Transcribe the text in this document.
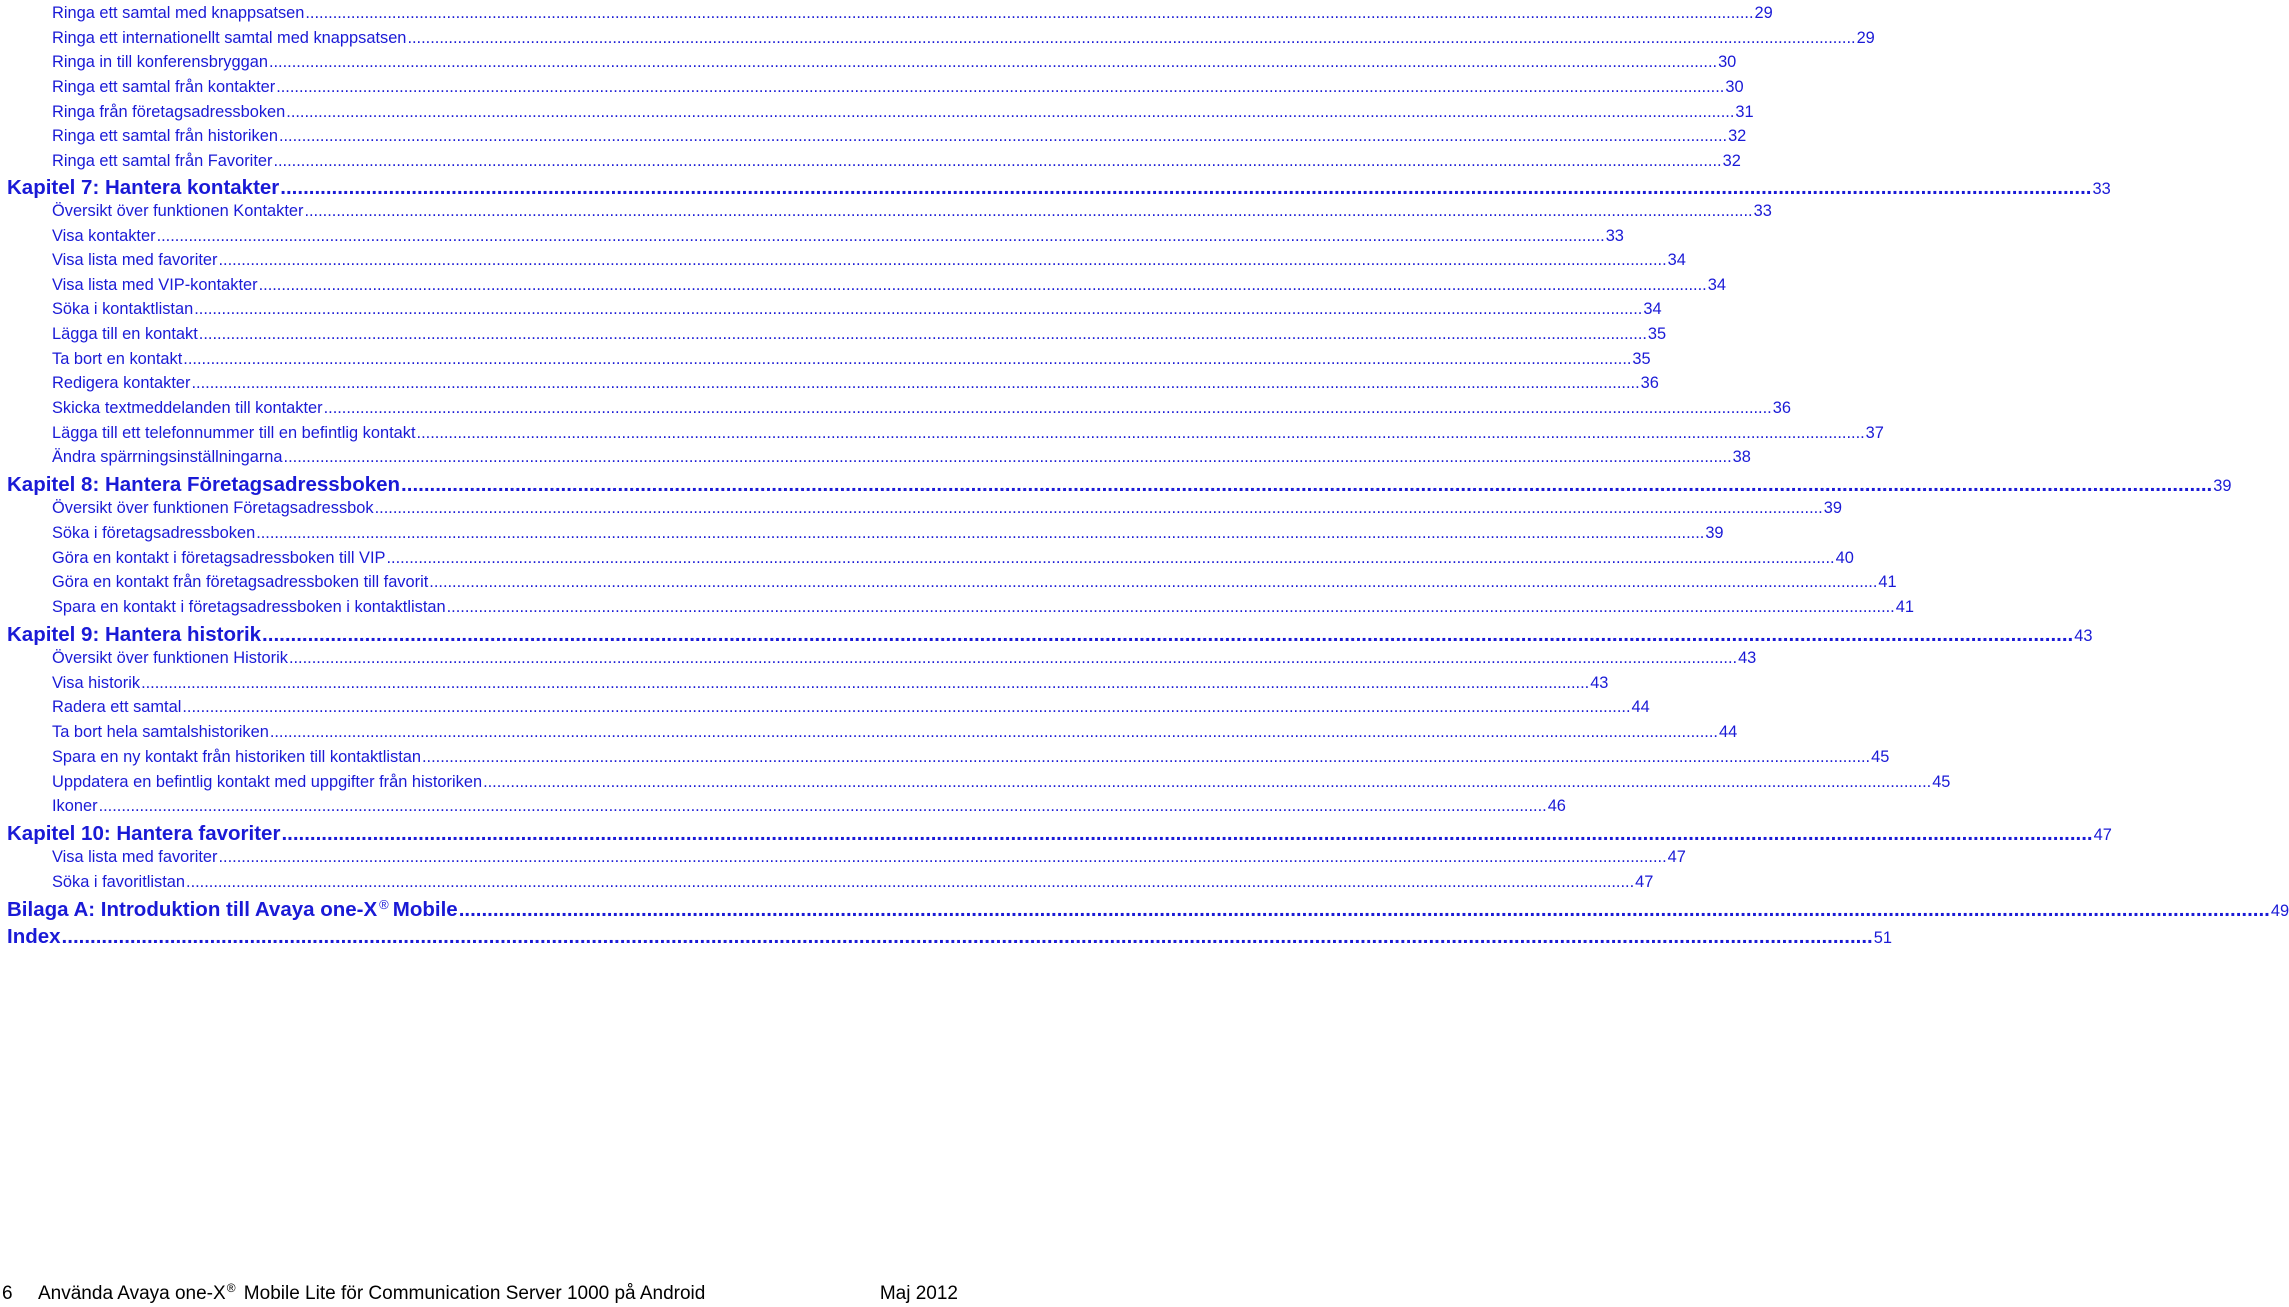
Ringa ett samtal med knappsatsen .....	29
Ringa ett internationellt samtal med knappsatsen .....	29
Ringa in till konferensbryggan .....	30
Ringa ett samtal från kontakter .....	30
Ringa från företagsadressboken .....	31
Ringa ett samtal från historiken .....	32
Ringa ett samtal från Favoriter .....	32
Kapitel 7: Hantera kontakter .....	33
Översikt över funktionen Kontakter .....	33
Visa kontakter .....	33
Visa lista med favoriter .....	34
Visa lista med VIP-kontakter .....	34
Söka i kontaktlistan .....	34
Lägga till en kontakt .....	35
Ta bort en kontakt .....	35
Redigera kontakter .....	36
Skicka textmeddelanden till kontakter .....	36
Lägga till ett telefonnummer till en befintlig kontakt .....	37
Ändra spärrningsinställningarna .....	38
Kapitel 8: Hantera Företagsadressboken .....	39
Översikt över funktionen Företagsadressbok .....	39
Söka i företagsadressboken .....	39
Göra en kontakt i företagsadressboken till VIP .....	40
Göra en kontakt från företagsadressboken till favorit .....	41
Spara en kontakt i företagsadressboken i kontaktlistan .....	41
Kapitel 9: Hantera historik .....	43
Översikt över funktionen Historik .....	43
Visa historik .....	43
Radera ett samtal .....	44
Ta bort hela samtalshistoriken .....	44
Spara en ny kontakt från historiken till kontaktlistan .....	45
Uppdatera en befintlig kontakt med uppgifter från historiken .....	45
Ikoner .....	46
Kapitel 10: Hantera favoriter .....	47
Visa lista med favoriter .....	47
Söka i favoritlistan .....	47
Bilaga A: Introduktion till Avaya one-X ® Mobile .....	49
Index .....	51
6 Använda Avaya one-X® Mobile Lite för Communication Server 1000 på Android	Maj 2012
